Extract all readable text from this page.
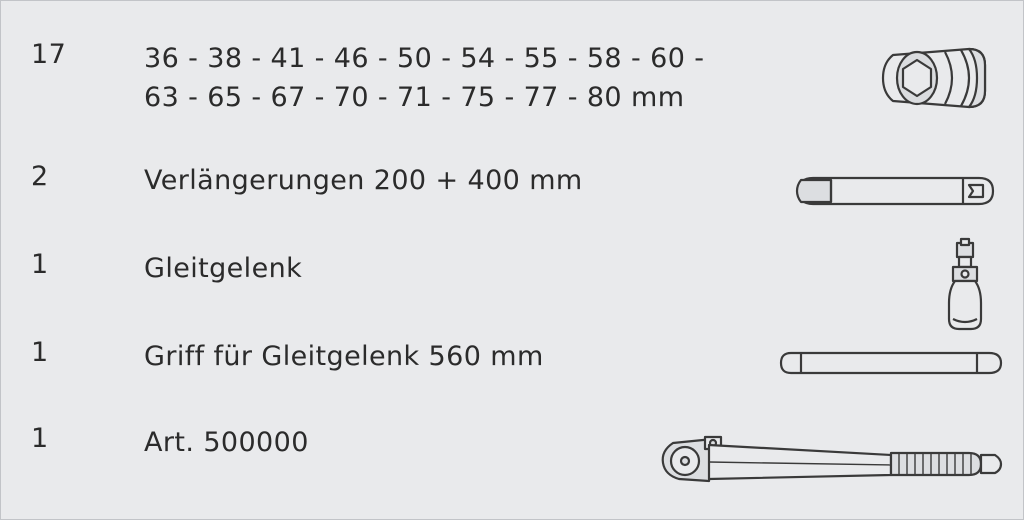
17	36 - 38 - 41 - 46 - 50 - 54 - 55 - 58 - 60 -
63 - 65 - 67 - 70 - 71 - 75 - 77 - 80 mm
2	Verlängerungen 200 + 400 mm
1	Gleitgelenk
1	Griff für Gleitgelenk 560 mm
1	Art. 500000
